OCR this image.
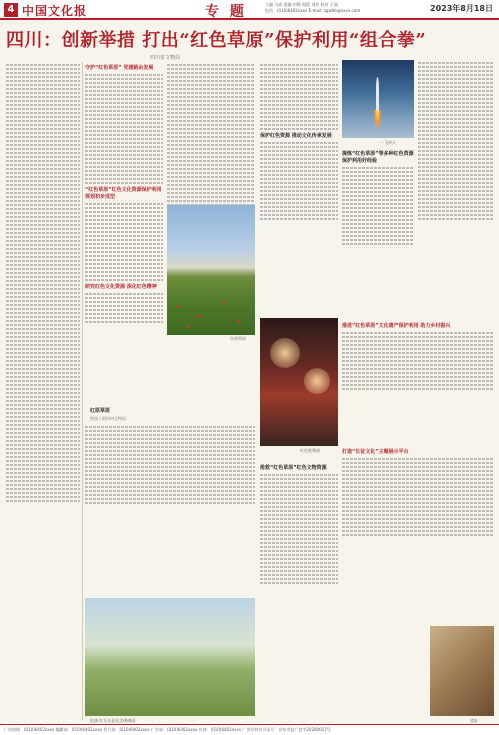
4 中国文化报	专 题	主编 马成 责编 何辉 组版 刘宏 校对 王丽
电话：(010)6402xxxx E-mail: zgwhb@xxxx.com	2023年8月18日
四川：创新举措 打出“红色草原”保护利用“组合拳”
四川省文物局
守护“红色草原” 党建路由发展
“红色草原”红色文化资源保护利用规划初步成型
研究红色文化资源 深化红色精神
红原草原
保护红色资源 推动文化传承发展
一飞冲天
提炼“红色草原”等多种红色资源保护利用好经验
推进“红色草原”文化遗产保护利用 助力乡村振兴
红色歌舞剧
红原草原
供图 / 阿坝州文物局
松潘 红军长征纪念碑碑园
抢救“红色草原”红色文物资源
打造“长征文化”主题展示平台
遗址
广告热线：(010)6402xxxx 编辑部：(010)6402xxxx 发行部：(010)6402xxxx 广告部：(010)6402xxxx 传真：(010)6402xxxx 广告经营许可证号：京东市监广登字20200017号
